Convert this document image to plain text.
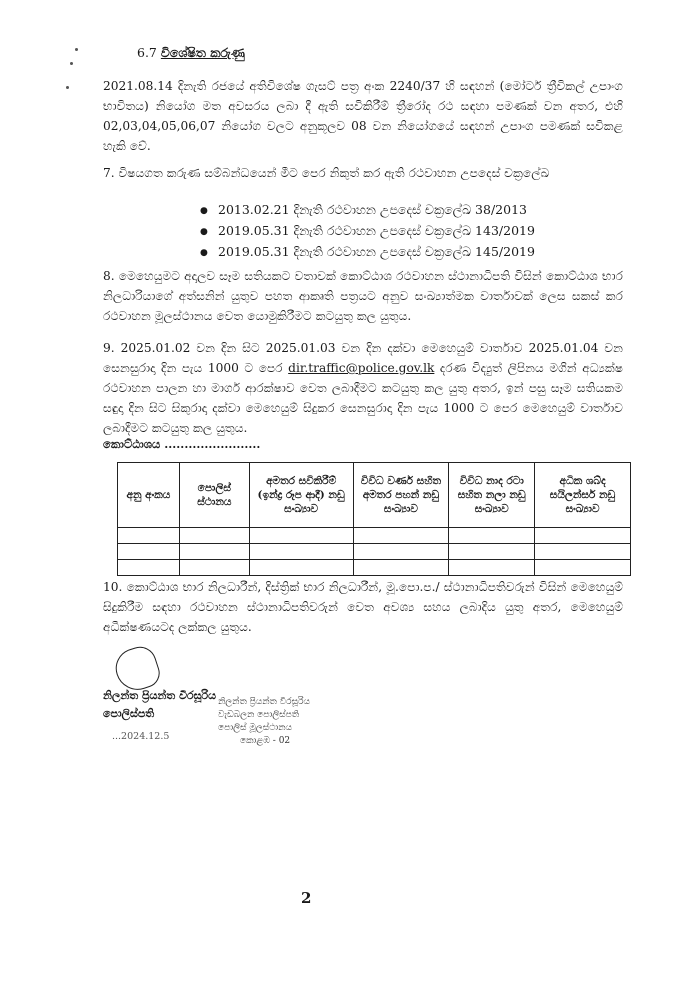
6.7 විශේෂිත කරුණු
2021.08.14 දිනැති රජයේ අතිවිශේෂ ගැසට් පත්‍ර අංක 2240/37 හි සඳහන් (මෝටර් ත්‍රීවිකල් උපාංග භාවිතය) නියෝග මත අවසරය ලබා දී ඇති සවිකිරීම් ත්‍රීරෝද රථ සඳහා පමණක් වන අතර, එහි 02,03,04,05,06,07 නියෝග වලට අනුකූලව 08 වන නියෝගයේ සඳහන් උපාංග පමණක් සවිකළ හැකි වේ.
7. විෂයගත කරුණ සම්බන්ධයෙන් මීට පෙර නිකුත් කර ඇති රථවාහන උපදෙස් චක්‍රලේඛ
● 2013.02.21 දිනැති රථවාහන උපදෙස් චක්‍රලේඛ 38/2013
● 2019.05.31 දිනැති රථවාහන උපදෙස් චක්‍රලේඛ 143/2019
● 2019.05.31 දිනැති රථවාහන උපදෙස් චක්‍රලේඛ 145/2019
8. මෙහෙයුමට අදාලව සෑම සතියකට වතාවක් කොට්ඨාශ රථවාහන ස්ථානාධිපති විසින් කොට්ඨාශ භාර නිලධාරියාගේ අත්සනින් යුතුව පහත ආකෘති පත්‍රයට අනුව සංඛ්‍යාත්මක වාර්තාවක් ලෙස සකස් කර රථවාහන මූලස්ථානය වෙත යොමුකිරීමට කටයුතු කල යුතුය.
9. 2025.01.02 වන දින සිට 2025.01.03 වන දින දක්වා මෙහෙයුම් වාර්තාව 2025.01.04 වන සෙනසුරාදා දින පැය 1000 ට පෙර dir.traffic@police.gov.lk දරණ විද්‍යුත් ලිපිනය මගින් අධ්‍යක්ෂ රථවාහන පාලන හා මාර්ග ආරක්ෂාව වෙත ලබාදීමට කටයුතු කල යුතු අතර, ඉන් පසු සෑම සතියකම සඳුදා දින සිට සිකුරාදා දක්වා මෙහෙයුම් සිදුකර සෙනසුරාදා දින පැය 1000 ට පෙර මෙහෙයුම් වාර්තාව ලබාදීමට කටයුතු කල යුතුය.
කොට්ඨාශය ........................
අනු අංකය	පොලිස් ස්ථානය	අමතර සවිකිරීම් (ඉන්ද්‍ර රූප ආදී) නඩු සංඛ්‍යාව	විවිධ වර්ණ සහිත අමතර පහන් නඩු සංඛ්‍යාව	විවිධ නාද රටා සහිත නලා නඩු සංඛ්‍යාව	අධික ශබ්ද සයිලන්සර් නඩු සංඛ්‍යාව

10. කොට්ඨාශ භාර නිලධාරීන්, දිස්ත්‍රික් භාර නිලධාරීන්, මූ.පො.ප./ ස්ථානාධිපතිවරුන් විසින් මෙහෙයුම් සිදුකිරීම සඳහා රථවාහන ස්ථානාධිපතිවරුන් වෙත අවශ්‍ය සහය ලබාදිය යුතු අතර, මෙහෙයුම් අධීක්ෂණයටද ලක්කල යුතුය.
නිලන්ත ප්‍රියන්ත වීරසූරිය
පොලිස්පති
...2024.12.5
නිලන්ත ප්‍රියන්ත වීරසූරිය
වැඩබලන පොලිස්පති
පොලිස් මූලස්ථානය
කොළඹ - 02
2
